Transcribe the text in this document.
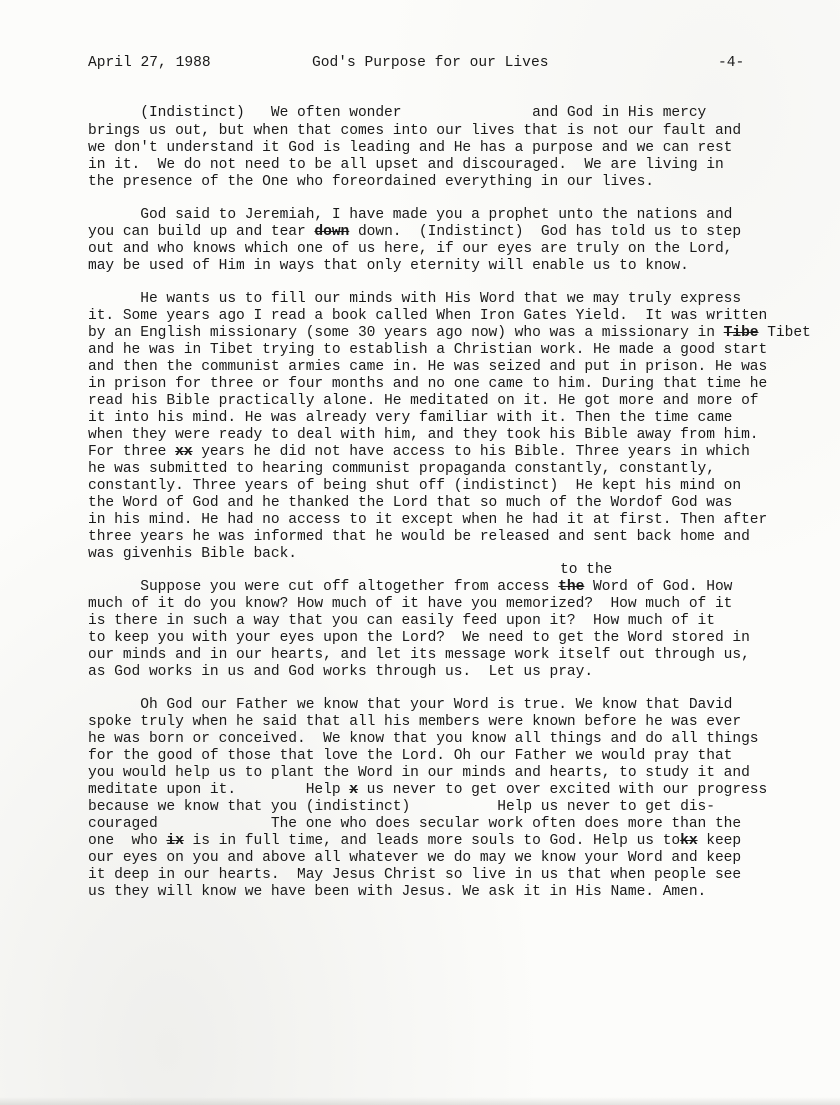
April 27, 1988	God's Purpose for our Lives	-4-
(Indistinct)   We often wonder               and God in His mercy
brings us out, but when that comes into our lives that is not our fault and
we don't understand it God is leading and He has a purpose and we can rest
in it.  We do not need to be all upset and discouraged.  We are living in
the presence of the One who foreordained everything in our lives.
God said to Jeremiah, I have made you a prophet unto the nations and
you can build up and tear down down.  (Indistinct)  God has told us to step
out and who knows which one of us here, if our eyes are truly on the Lord,
may be used of Him in ways that only eternity will enable us to know.
He wants us to fill our minds with His Word that we may truly express
it. Some years ago I read a book called When Iron Gates Yield.  It was written
by an English missionary (some 30 years ago now) who was a missionary in Tibe Tibet
and he was in Tibet trying to establish a Christian work. He made a good start
and then the communist armies came in. He was seized and put in prison. He was
in prison for three or four months and no one came to him. During that time he
read his Bible practically alone. He meditated on it. He got more and more of
it into his mind. He was already very familiar with it. Then the time came
when they were ready to deal with him, and they took his Bible away from him.
For three xx years he did not have access to his Bible. Three years in which
he was submitted to hearing communist propaganda constantly, constantly,
constantly. Three years of being shut off (indistinct)  He kept his mind on
the Word of God and he thanked the Lord that so much of the Wordof God was
in his mind. He had no access to it except when he had it at first. Then after
three years he was informed that he would be released and sent back home and
was givenhis Bible back.
to the
Suppose you were cut off altogether from access the Word of God. How
much of it do you know? How much of it have you memorized?  How much of it
is there in such a way that you can easily feed upon it?  How much of it
to keep you with your eyes upon the Lord?  We need to get the Word stored in
our minds and in our hearts, and let its message work itself out through us,
as God works in us and God works through us.  Let us pray.
Oh God our Father we know that your Word is true. We know that David
spoke truly when he said that all his members were known before he was ever
he was born or conceived.  We know that you know all things and do all things
for the good of those that love the Lord. Oh our Father we would pray that
you would help us to plant the Word in our minds and hearts, to study it and
meditate upon it.        Help x us never to get over excited with our progress
because we know that you (indistinct)          Help us never to get dis-
couraged             The one who does secular work often does more than the
one  who ix is in full time, and leads more souls to God. Help us tokx keep
our eyes on you and above all whatever we do may we know your Word and keep
it deep in our hearts.  May Jesus Christ so live in us that when people see
us they will know we have been with Jesus. We ask it in His Name. Amen.
